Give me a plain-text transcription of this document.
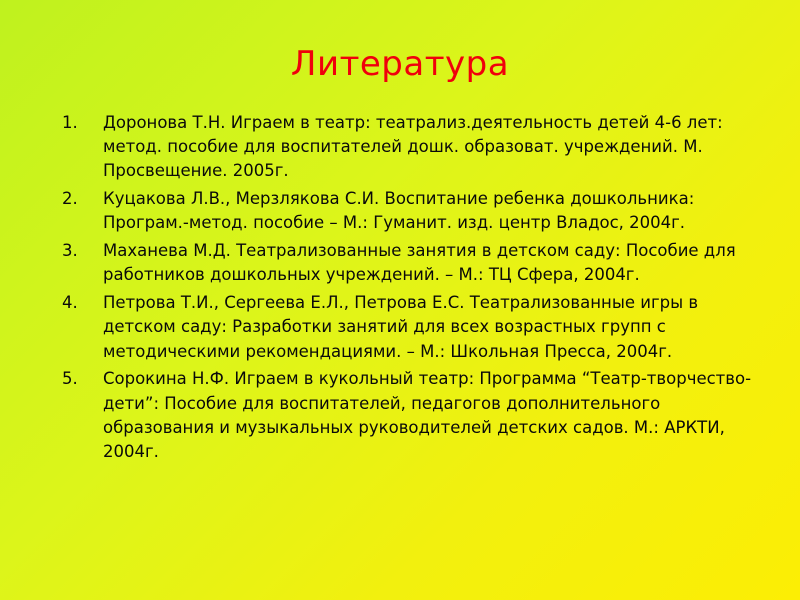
Литература
1. Доронова Т.Н. Играем в театр: театрализ.деятельность детей 4-6 лет: метод. пособие для воспитателей дошк. образоват. учреждений. М. Просвещение. 2005г.
2. Куцакова Л.В., Мерзлякова С.И. Воспитание ребенка дошкольника: Програм.-метод. пособие – М.: Гуманит. изд. центр Владос, 2004г.
3. Маханева М.Д. Театрализованные занятия в детском саду: Пособие для работников дошкольных учреждений. – М.: ТЦ Сфера, 2004г.
4. Петрова Т.И., Сергеева Е.Л., Петрова Е.С. Театрализованные игры в детском саду: Разработки занятий для всех возрастных групп с методическими рекомендациями. – М.: Школьная Пресса, 2004г.
5. Сорокина Н.Ф. Играем в кукольный театр: Программа “Театр-творчество-дети”: Пособие для воспитателей, педагогов дополнительного образования и музыкальных руководителей детских садов. М.: АРКТИ, 2004г.
